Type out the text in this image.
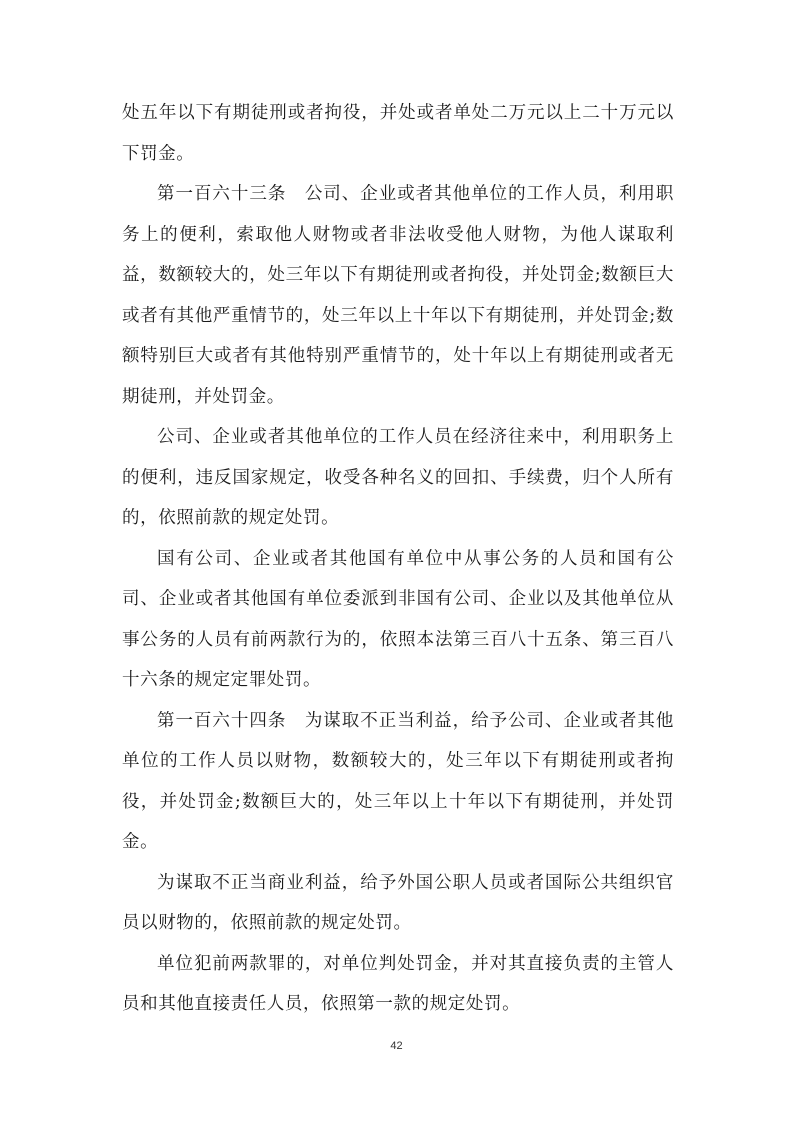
处五年以下有期徒刑或者拘役，并处或者单处二万元以上二十万元以下罚金。

第一百六十三条　公司、企业或者其他单位的工作人员，利用职务上的便利，索取他人财物或者非法收受他人财物，为他人谋取利益，数额较大的，处三年以下有期徒刑或者拘役，并处罚金;数额巨大或者有其他严重情节的，处三年以上十年以下有期徒刑，并处罚金;数额特别巨大或者有其他特别严重情节的，处十年以上有期徒刑或者无期徒刑，并处罚金。

公司、企业或者其他单位的工作人员在经济往来中，利用职务上的便利，违反国家规定，收受各种名义的回扣、手续费，归个人所有的，依照前款的规定处罚。

国有公司、企业或者其他国有单位中从事公务的人员和国有公司、企业或者其他国有单位委派到非国有公司、企业以及其他单位从事公务的人员有前两款行为的，依照本法第三百八十五条、第三百八十六条的规定定罪处罚。

第一百六十四条　为谋取不正当利益，给予公司、企业或者其他单位的工作人员以财物，数额较大的，处三年以下有期徒刑或者拘役，并处罚金;数额巨大的，处三年以上十年以下有期徒刑，并处罚金。

为谋取不正当商业利益，给予外国公职人员或者国际公共组织官员以财物的，依照前款的规定处罚。

单位犯前两款罪的，对单位判处罚金，并对其直接负责的主管人员和其他直接责任人员，依照第一款的规定处罚。

42
